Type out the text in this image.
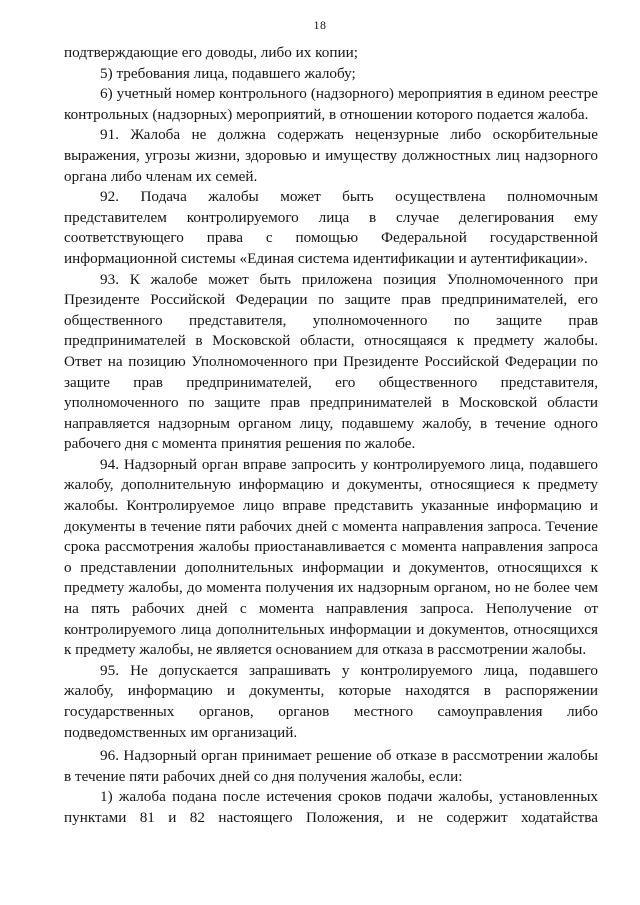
18

подтверждающие его доводы, либо их копии;

5) требования лица, подавшего жалобу;

6) учетный номер контрольного (надзорного) мероприятия в едином реестре контрольных (надзорных) мероприятий, в отношении которого подается жалоба.

91. Жалоба не должна содержать нецензурные либо оскорбительные выражения, угрозы жизни, здоровью и имуществу должностных лиц надзорного органа либо членам их семей.

92. Подача жалобы может быть осуществлена полномочным представителем контролируемого лица в случае делегирования ему соответствующего права с помощью Федеральной государственной информационной системы «Единая система идентификации и аутентификации».

93. К жалобе может быть приложена позиция Уполномоченного при Президенте Российской Федерации по защите прав предпринимателей, его общественного представителя, уполномоченного по защите прав предпринимателей в Московской области, относящаяся к предмету жалобы. Ответ на позицию Уполномоченного при Президенте Российской Федерации по защите прав предпринимателей, его общественного представителя, уполномоченного по защите прав предпринимателей в Московской области направляется надзорным органом лицу, подавшему жалобу, в течение одного рабочего дня с момента принятия решения по жалобе.

94. Надзорный орган вправе запросить у контролируемого лица, подавшего жалобу, дополнительную информацию и документы, относящиеся к предмету жалобы. Контролируемое лицо вправе представить указанные информацию и документы в течение пяти рабочих дней с момента направления запроса. Течение срока рассмотрения жалобы приостанавливается с момента направления запроса о представлении дополнительных информации и документов, относящихся к предмету жалобы, до момента получения их надзорным органом, но не более чем на пять рабочих дней с момента направления запроса. Неполучение от контролируемого лица дополнительных информации и документов, относящихся к предмету жалобы, не является основанием для отказа в рассмотрении жалобы.

95. Не допускается запрашивать у контролируемого лица, подавшего жалобу, информацию и документы, которые находятся в распоряжении государственных органов, органов местного самоуправления либо подведомственных им организаций.

96. Надзорный орган принимает решение об отказе в рассмотрении жалобы в течение пяти рабочих дней со дня получения жалобы, если:

1) жалоба подана после истечения сроков подачи жалобы, установленных пунктами 81 и 82 настоящего Положения, и не содержит ходатайства
